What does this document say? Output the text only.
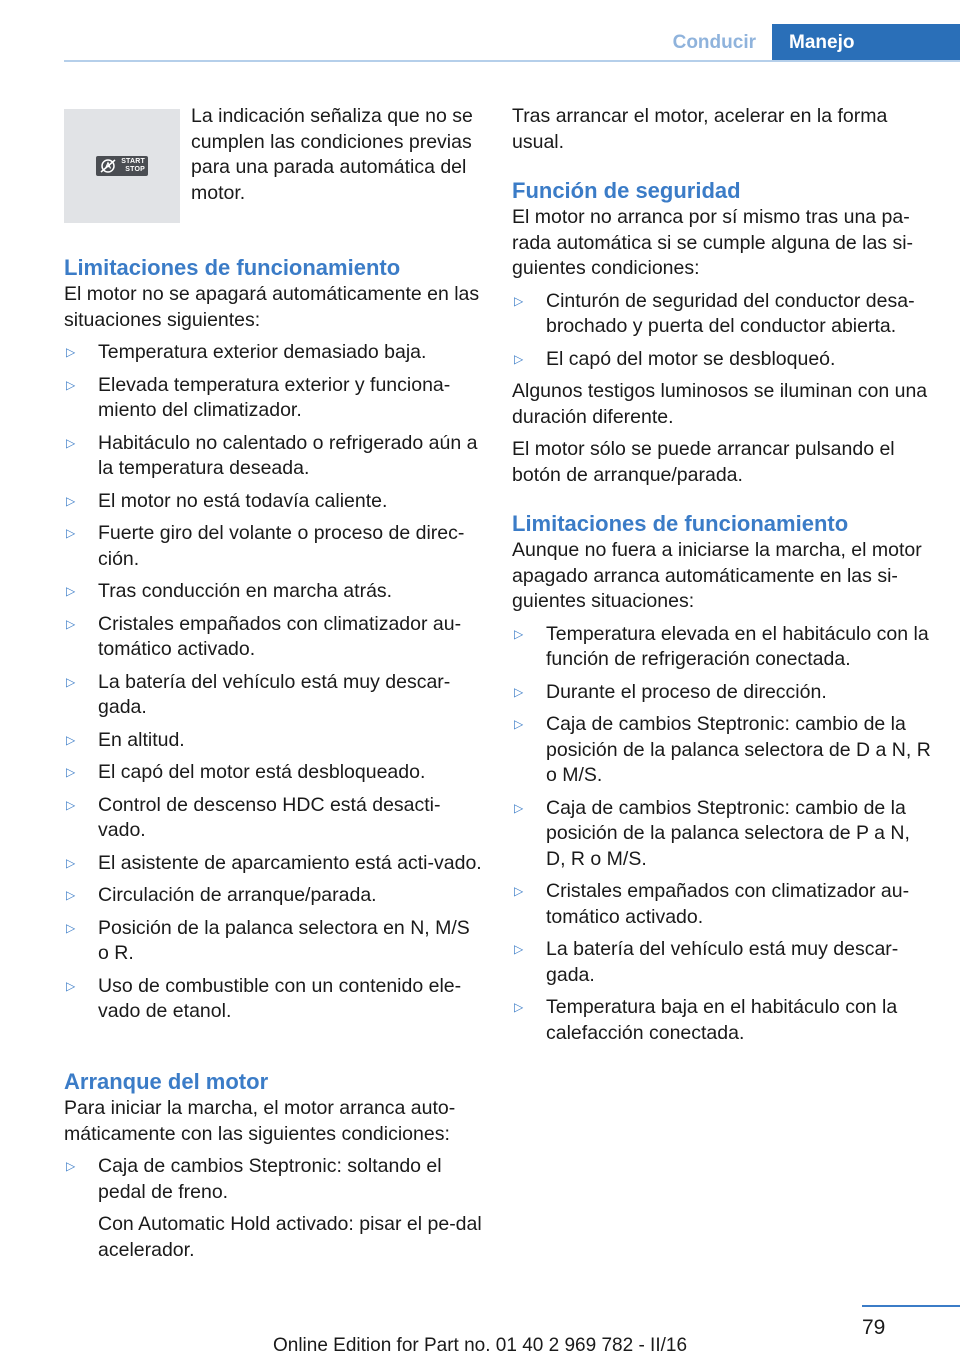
Conducir	Manejo
START
STOP
La indicación señaliza que no se cumplen las condiciones previas para una parada automática del motor.
Limitaciones de funcionamiento

El motor no se apagará automáticamente en las situaciones siguientes:

▷ Temperatura exterior demasiado baja.
▷ Elevada temperatura exterior y funciona-miento del climatizador.
▷ Habitáculo no calentado o refrigerado aún a la temperatura deseada.
▷ El motor no está todavía caliente.
▷ Fuerte giro del volante o proceso de direc-ción.
▷ Tras conducción en marcha atrás.
▷ Cristales empañados con climatizador au-tomático activado.
▷ La batería del vehículo está muy descar-gada.
▷ En altitud.
▷ El capó del motor está desbloqueado.
▷ Control de descenso HDC está desacti-vado.
▷ El asistente de aparcamiento está acti-vado.
▷ Circulación de arranque/parada.
▷ Posición de la palanca selectora en N, M/S o R.
▷ Uso de combustible con un contenido ele-vado de etanol.
Arranque del motor

Para iniciar la marcha, el motor arranca auto-máticamente con las siguientes condiciones:

▷ Caja de cambios Steptronic: soltando el pedal de freno.

Con Automatic Hold activado: pisar el pe-dal acelerador.

Tras arrancar el motor, acelerar en la forma usual.

Función de seguridad

El motor no arranca por sí mismo tras una pa-rada automática si se cumple alguna de las si-guientes condiciones:

▷ Cinturón de seguridad del conductor desa-brochado y puerta del conductor abierta.
▷ El capó del motor se desbloqueó.

Algunos testigos luminosos se iluminan con una duración diferente.

El motor sólo se puede arrancar pulsando el botón de arranque/parada.

Limitaciones de funcionamiento

Aunque no fuera a iniciarse la marcha, el motor apagado arranca automáticamente en las si-guientes situaciones:

▷ Temperatura elevada en el habitáculo con la función de refrigeración conectada.
▷ Durante el proceso de dirección.
▷ Caja de cambios Steptronic: cambio de la posición de la palanca selectora de D a N, R o M/S.
▷ Caja de cambios Steptronic: cambio de la posición de la palanca selectora de P a N, D, R o M/S.
▷ Cristales empañados con climatizador au-tomático activado.
▷ La batería del vehículo está muy descar-gada.
▷ Temperatura baja en el habitáculo con la calefacción conectada.
79
Online Edition for Part no. 01 40 2 969 782 - II/16
